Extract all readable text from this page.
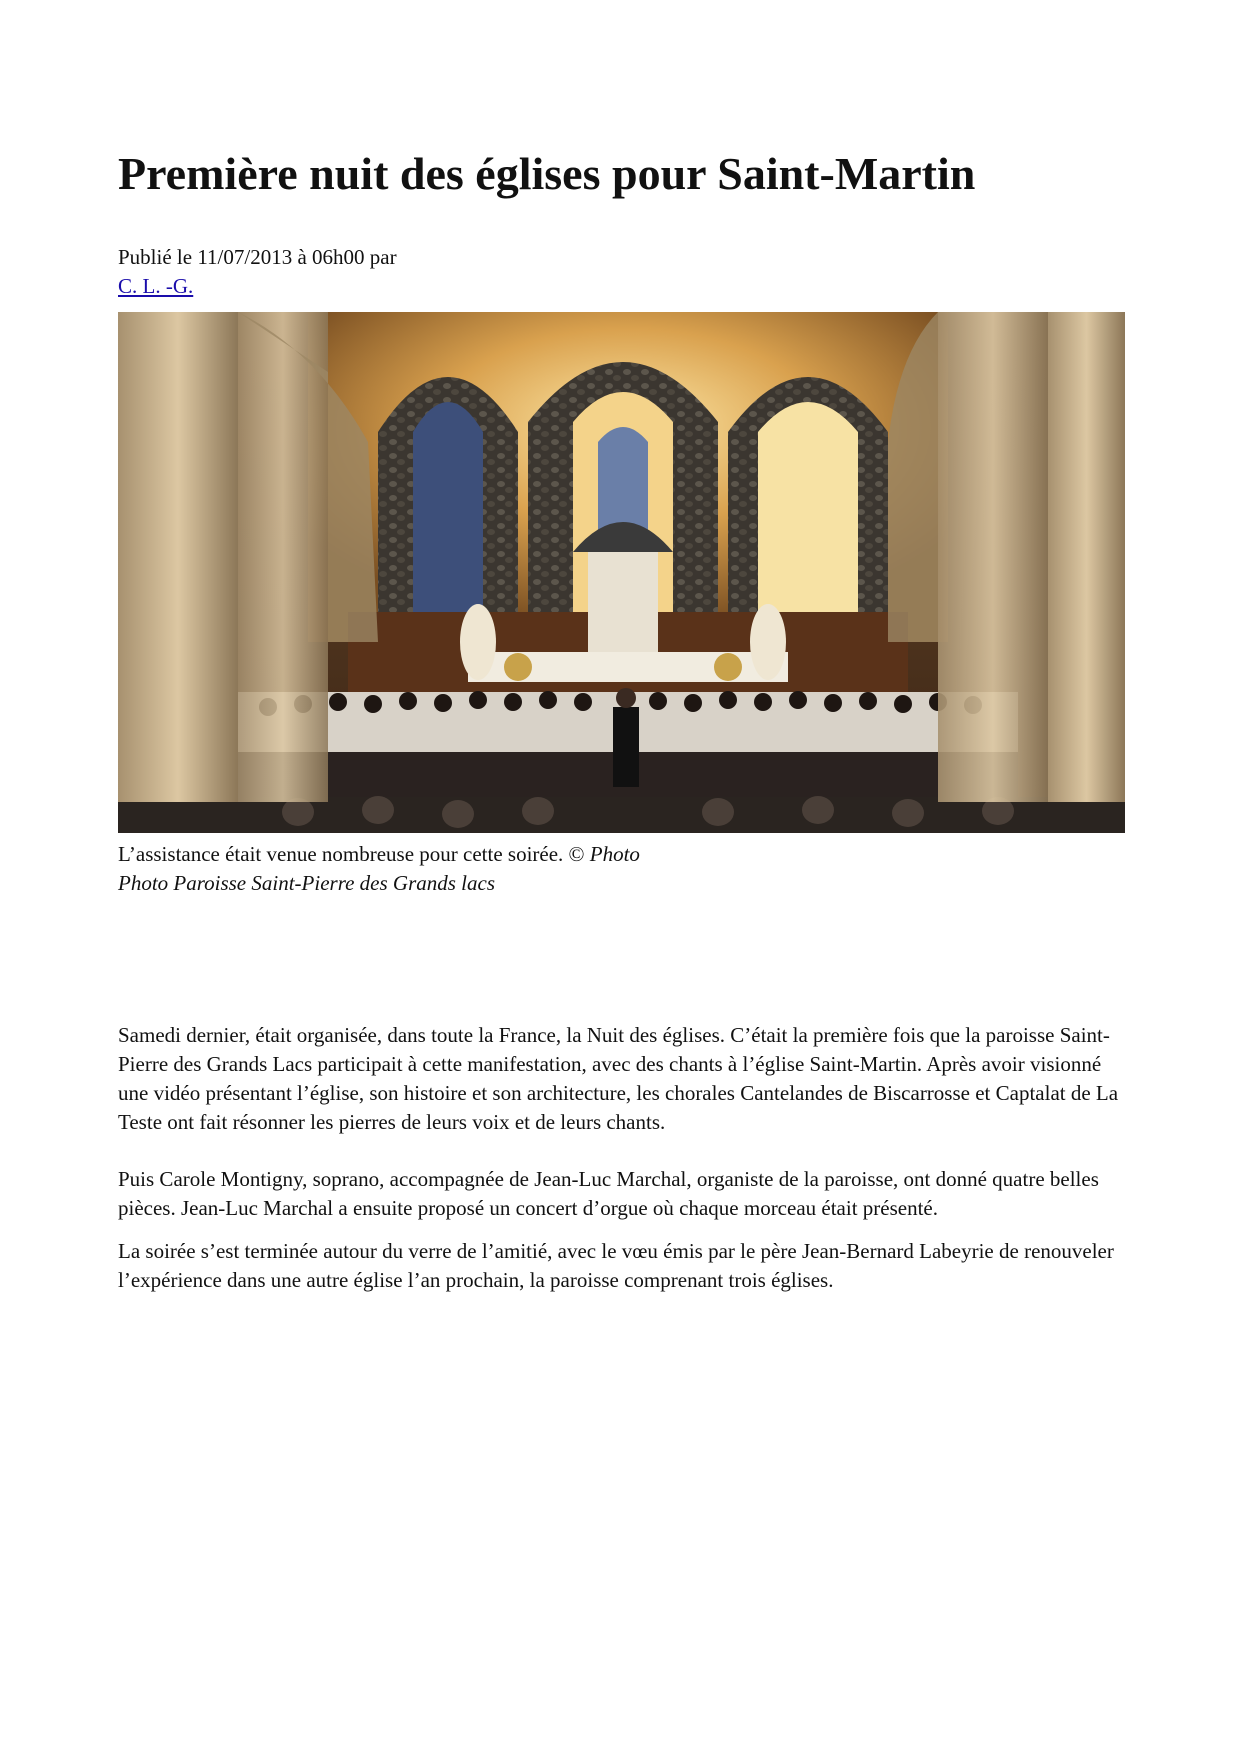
Première nuit des églises pour Saint-Martin
Publié le 11/07/2013 à 06h00 par
C. L. -G.
L’assistance était venue nombreuse pour cette soirée. © Photo
Photo Paroisse Saint-Pierre des Grands lacs

Samedi dernier, était organisée, dans toute la France, la Nuit des églises. C’était la première fois que la paroisse Saint-Pierre des Grands Lacs participait à cette manifestation, avec des chants à l’église Saint-Martin. Après avoir visionné une vidéo présentant l’église, son histoire et son architecture, les chorales Cantelandes de Biscarrosse et Captalat de La Teste ont fait résonner les pierres de leurs voix et de leurs chants.

Puis Carole Montigny, soprano, accompagnée de Jean-Luc Marchal, organiste de la paroisse, ont donné quatre belles pièces. Jean-Luc Marchal a ensuite proposé un concert d’orgue où chaque morceau était présenté.

La soirée s’est terminée autour du verre de l’amitié, avec le vœu émis par le père Jean-Bernard Labeyrie de renouveler l’expérience dans une autre église l’an prochain, la paroisse comprenant trois églises.
